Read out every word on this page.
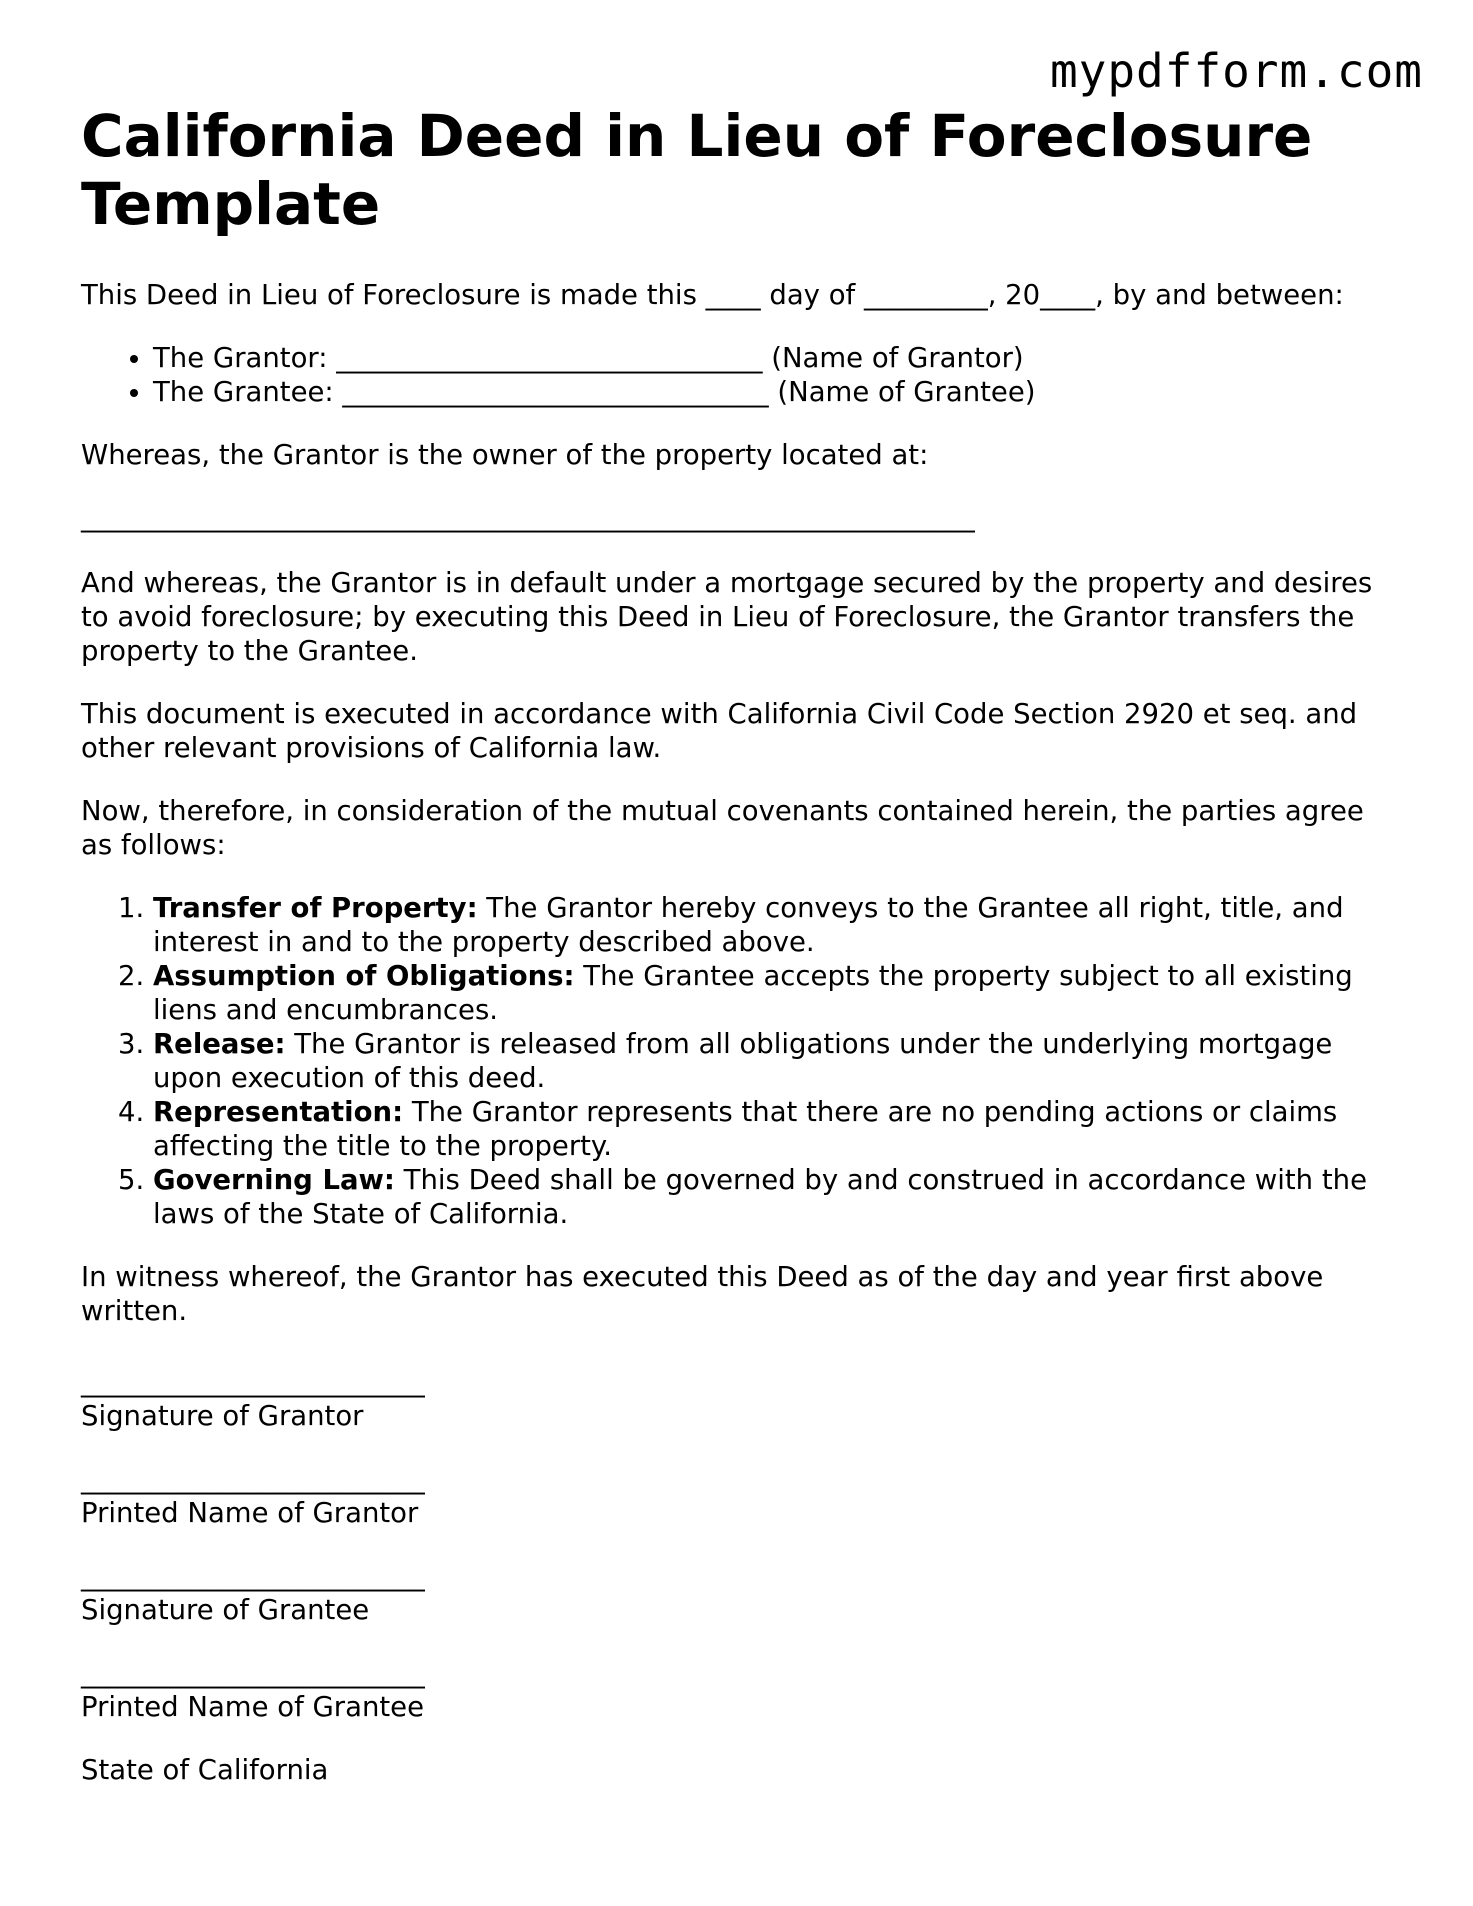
mypdfform.com
California Deed in Lieu of Foreclosure Template

This Deed in Lieu of Foreclosure is made this ____ day of _________, 20____, by and between:

• The Grantor: _______________________________ (Name of Grantor)
• The Grantee: _______________________________ (Name of Grantee)

Whereas, the Grantor is the owner of the property located at:

_________________________________________________________________

And whereas, the Grantor is in default under a mortgage secured by the property and desires to avoid foreclosure; by executing this Deed in Lieu of Foreclosure, the Grantor transfers the property to the Grantee.

This document is executed in accordance with California Civil Code Section 2920 et seq. and other relevant provisions of California law.

Now, therefore, in consideration of the mutual covenants contained herein, the parties agree as follows:

1. Transfer of Property: The Grantor hereby conveys to the Grantee all right, title, and interest in and to the property described above.
2. Assumption of Obligations: The Grantee accepts the property subject to all existing liens and encumbrances.
3. Release: The Grantor is released from all obligations under the underlying mortgage upon execution of this deed.
4. Representation: The Grantor represents that there are no pending actions or claims affecting the title to the property.
5. Governing Law: This Deed shall be governed by and construed in accordance with the laws of the State of California.

In witness whereof, the Grantor has executed this Deed as of the day and year first above written.

_________________________
Signature of Grantor
_________________________
Printed Name of Grantor
_________________________
Signature of Grantee
_________________________
Printed Name of Grantee

State of California
